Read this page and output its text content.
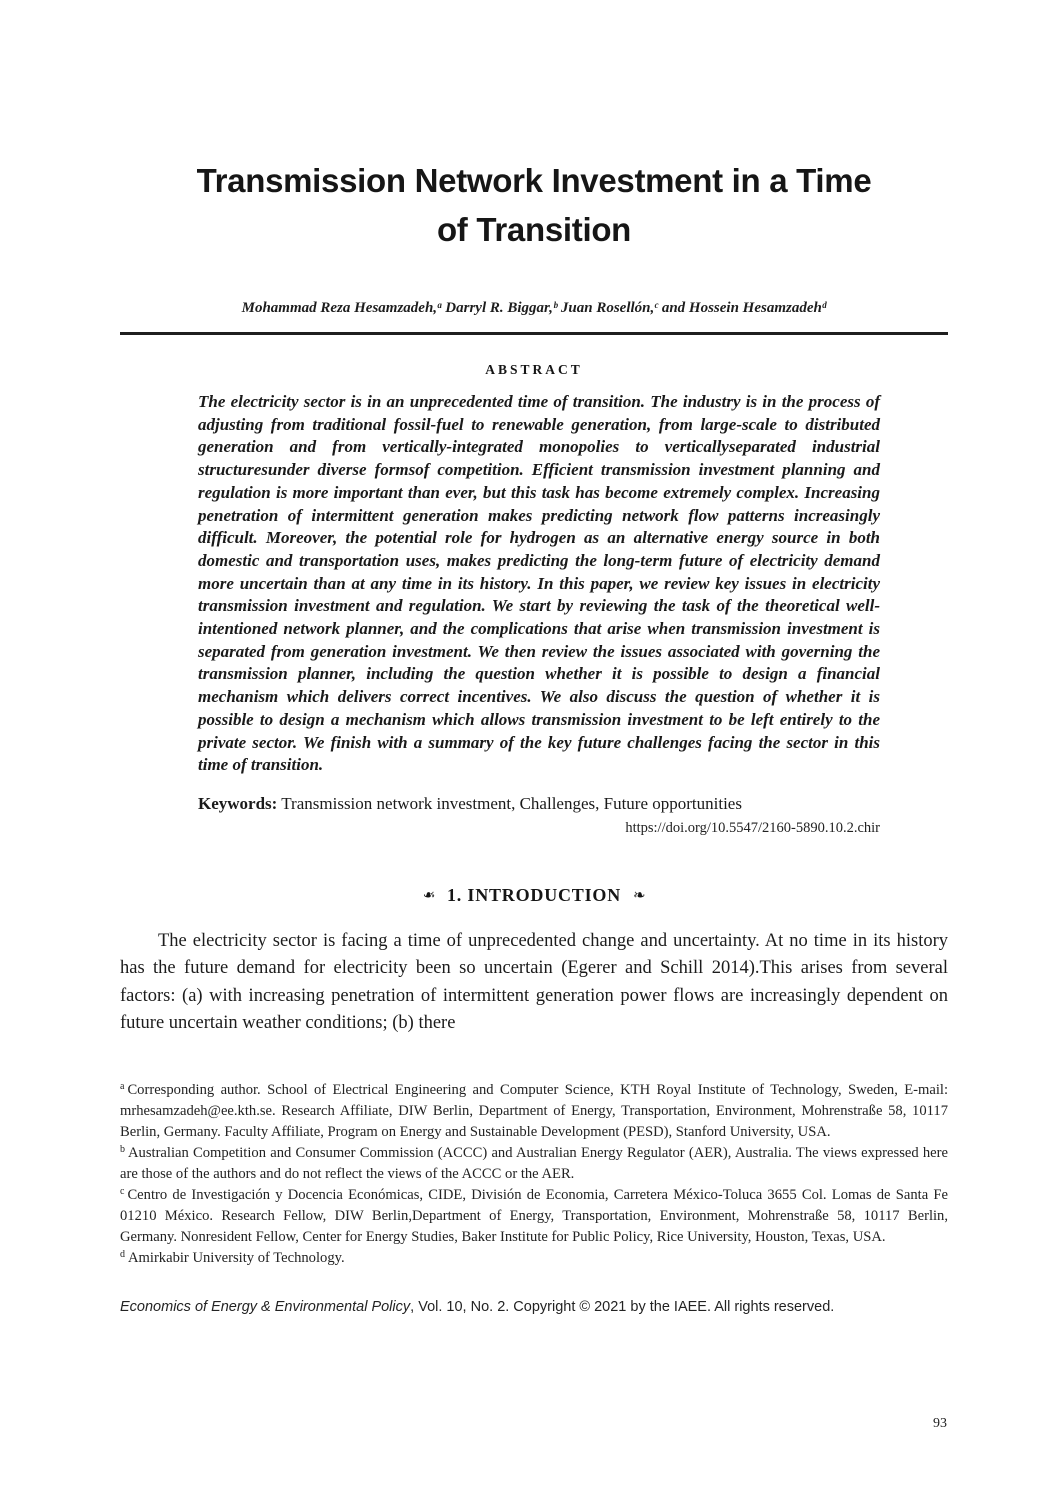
Transmission Network Investment in a Time
of Transition
Mohammad Reza Hesamzadeh,ᵃ Darryl R. Biggar,ᵇ Juan Rosellón,ᶜ and Hossein Hesamzadehᵈ
ABSTRACT

The electricity sector is in an unprecedented time of transition. The industry is in the process of adjusting from traditional fossil-fuel to renewable generation, from large-scale to distributed generation and from vertically-integrated monopolies to verticallyseparated industrial structuresunder diverse formsof competition. Efficient transmission investment planning and regulation is more important than ever, but this task has become extremely complex. Increasing penetration of intermittent generation makes predicting network flow patterns increasingly difficult. Moreover, the potential role for hydrogen as an alternative energy source in both domestic and transportation uses, makes predicting the long-term future of electricity demand more uncertain than at any time in its history. In this paper, we review key issues in electricity transmission investment and regulation. We start by reviewing the task of the theoretical well-intentioned network planner, and the complications that arise when transmission investment is separated from generation investment. We then review the issues associated with governing the transmission planner, including the question whether it is possible to design a financial mechanism which delivers correct incentives. We also discuss the question of whether it is possible to design a mechanism which allows transmission investment to be left entirely to the private sector. We finish with a summary of the key future challenges facing the sector in this time of transition.

Keywords: Transmission network investment, Challenges, Future opportunities

https://doi.org/10.5547/2160-5890.10.2.chir
❧ 1. INTRODUCTION ❧

The electricity sector is facing a time of unprecedented change and uncertainty. At no time in its history has the future demand for electricity been so uncertain (Egerer and Schill 2014).This arises from several factors: (a) with increasing penetration of intermittent generation power flows are increasingly dependent on future uncertain weather conditions; (b) there

$^a$ Corresponding author. School of Electrical Engineering and Computer Science, KTH Royal Institute of Technology, Sweden, E-mail: mrhesamzadeh@ee.kth.se. Research Affiliate, DIW Berlin, Department of Energy, Transportation, Environment, Mohrenstraße 58, 10117 Berlin, Germany. Faculty Affiliate, Program on Energy and Sustainable Development (PESD), Stanford University, USA.

$^b$ Australian Competition and Consumer Commission (ACCC) and Australian Energy Regulator (AER), Australia. The views expressed here are those of the authors and do not reflect the views of the ACCC or the AER.

$^c$ Centro de Investigación y Docencia Económicas, CIDE, División de Economia, Carretera México-Toluca 3655 Col. Lomas de Santa Fe 01210 México. Research Fellow, DIW Berlin,Department of Energy, Transportation, Environment, Mohrenstraße 58, 10117 Berlin, Germany. Nonresident Fellow, Center for Energy Studies, Baker Institute for Public Policy, Rice University, Houston, Texas, USA.

$^d$ Amirkabir University of Technology.

Economics of Energy & Environmental Policy, Vol. 10, No. 2. Copyright © 2021 by the IAEE. All rights reserved.
93
